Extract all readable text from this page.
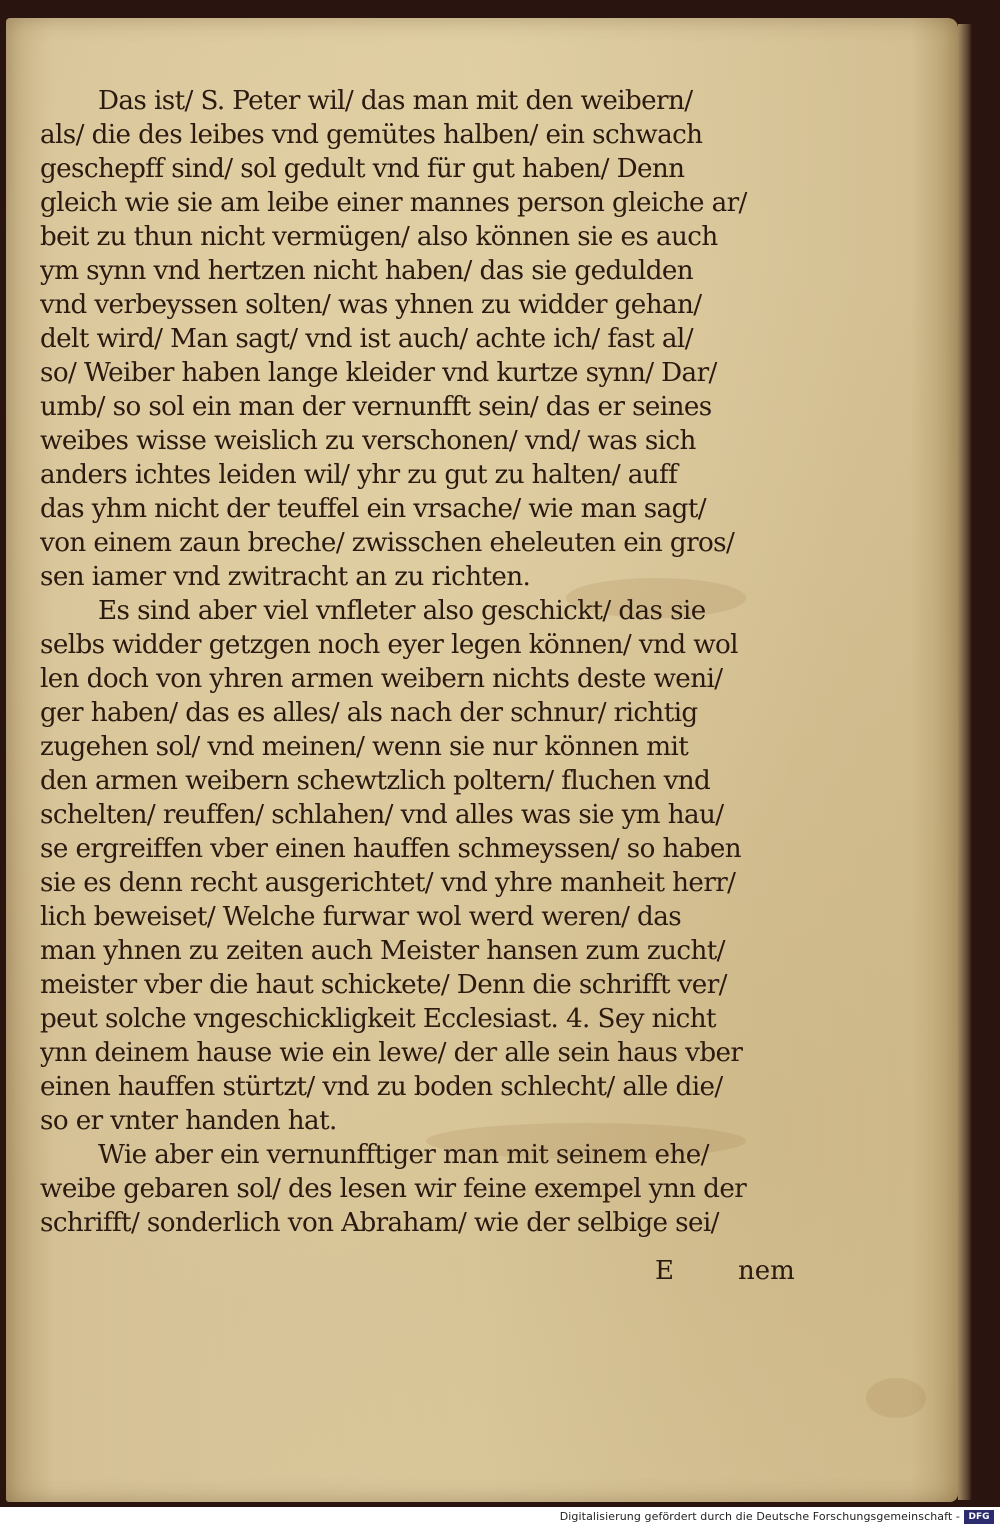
Das ist/ S. Peter wil/ das man mit den weibern/
als/ die des leibes vnd gemütes halben/ ein schwach
geschepff sind/ sol gedult vnd für gut haben/ Denn
gleich wie sie am leibe einer mannes person gleiche ar/
beit zu thun nicht vermügen/ also können sie es auch
ym synn vnd hertzen nicht haben/ das sie gedulden
vnd verbeyssen solten/ was yhnen zu widder gehan/
delt wird/ Man sagt/ vnd ist auch/ achte ich/ fast al/
so/ Weiber haben lange kleider vnd kurtze synn/ Dar/
umb/ so sol ein man der vernunfft sein/ das er seines
weibes wisse weislich zu verschonen/ vnd/ was sich
anders ichtes leiden wil/ yhr zu gut zu halten/ auff
das yhm nicht der teuffel ein vrsache/ wie man sagt/
von einem zaun breche/ zwisschen eheleuten ein gros/
sen iamer vnd zwitracht an zu richten.
Es sind aber viel vnfleter also geschickt/ das sie
selbs widder getzgen noch eyer legen können/ vnd wol
len doch von yhren armen weibern nichts deste weni/
ger haben/ das es alles/ als nach der schnur/ richtig
zugehen sol/ vnd meinen/ wenn sie nur können mit
den armen weibern schewtzlich poltern/ fluchen vnd
schelten/ reuffen/ schlahen/ vnd alles was sie ym hau/
se ergreiffen vber einen hauffen schmeyssen/ so haben
sie es denn recht ausgerichtet/ vnd yhre manheit herr/
lich beweiset/ Welche furwar wol werd weren/ das
man yhnen zu zeiten auch Meister hansen zum zucht/
meister vber die haut schickete/ Denn die schrifft ver/
peut solche vngeschickligkeit Ecclesiast. 4. Sey nicht
ynn deinem hause wie ein lewe/ der alle sein haus vber
einen hauffen stürtzt/ vnd zu boden schlecht/ alle die/
so er vnter handen hat.
Wie aber ein vernunfftiger man mit seinem ehe/
weibe gebaren sol/ des lesen wir feine exempel ynn der
schrifft/ sonderlich von Abraham/ wie der selbige sei/
E nem
Digitalisierung gefördert durch die Deutsche Forschungsgemeinschaft - DFG
